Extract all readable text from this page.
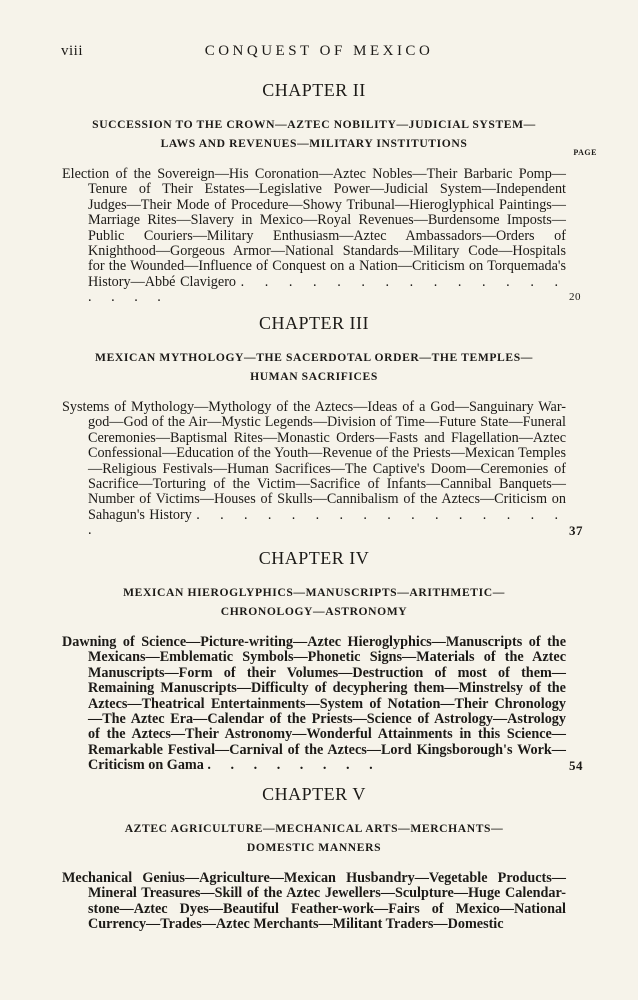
viii	CONQUEST OF MEXICO
CHAPTER II
SUCCESSION TO THE CROWN—AZTEC NOBILITY—JUDICIAL SYSTEM—
LAWS AND REVENUES—MILITARY INSTITUTIONS
PAGE

Election of the Sovereign—His Coronation—Aztec Nobles—Their Barbaric Pomp—Tenure of Their Estates—Legislative Power—Judicial System—Independent Judges—Their Mode of Procedure—Showy Tribunal—Hieroglyphical Paintings—Marriage Rites—Slavery in Mexico—Royal Revenues—Burdensome Imposts—Public Couriers—Military Enthusiasm—Aztec Ambassadors—Orders of Knighthood—Gorgeous Armor—National Standards—Military Code—Hospitals for the Wounded—Influence of Conquest on a Nation—Criticism on Torquemada's History—Abbé Clavigero . . . . . . . . . . . . . . . . . .	20

CHAPTER III
MEXICAN MYTHOLOGY—THE SACERDOTAL ORDER—THE TEMPLES—
HUMAN SACRIFICES

Systems of Mythology—Mythology of the Aztecs—Ideas of a God—Sanguinary War-god—God of the Air—Mystic Legends—Division of Time—Future State—Funeral Ceremonies—Baptismal Rites—Monastic Orders—Fasts and Flagellation—Aztec Confessional—Education of the Youth—Revenue of the Priests—Mexican Temples—Religious Festivals—Human Sacrifices—The Captive's Doom—Ceremonies of Sacrifice—Torturing of the Victim—Sacrifice of Infants—Cannibal Banquets—Number of Victims—Houses of Skulls—Cannibalism of the Aztecs—Criticism on Sahagun's History . . . . . . . . . . . . . . . . .	37

CHAPTER IV
MEXICAN HIEROGLYPHICS—MANUSCRIPTS—ARITHMETIC—
CHRONOLOGY—ASTRONOMY

Dawning of Science—Picture-writing—Aztec Hieroglyphics—Manuscripts of the Mexicans—Emblematic Symbols—Phonetic Signs—Materials of the Aztec Manuscripts—Form of their Volumes—Destruction of most of them—Remaining Manuscripts—Difficulty of decyphering them—Minstrelsy of the Aztecs—Theatrical Entertainments—System of Notation—Their Chronology—The Aztec Era—Calendar of the Priests—Science of Astrology—Astrology of the Aztecs—Their Astronomy—Wonderful Attainments in this Science—Remarkable Festival—Carnival of the Aztecs—Lord Kingsborough's Work—Criticism on Gama . . . . . . . .	54

CHAPTER V
AZTEC AGRICULTURE—MECHANICAL ARTS—MERCHANTS—
DOMESTIC MANNERS

Mechanical Genius—Agriculture—Mexican Husbandry—Vegetable Products—Mineral Treasures—Skill of the Aztec Jewellers—Sculpture—Huge Calendar-stone—Aztec Dyes—Beautiful Feather-work—Fairs of Mexico—National Currency—Trades—Aztec Merchants—Militant Traders—Domestic
